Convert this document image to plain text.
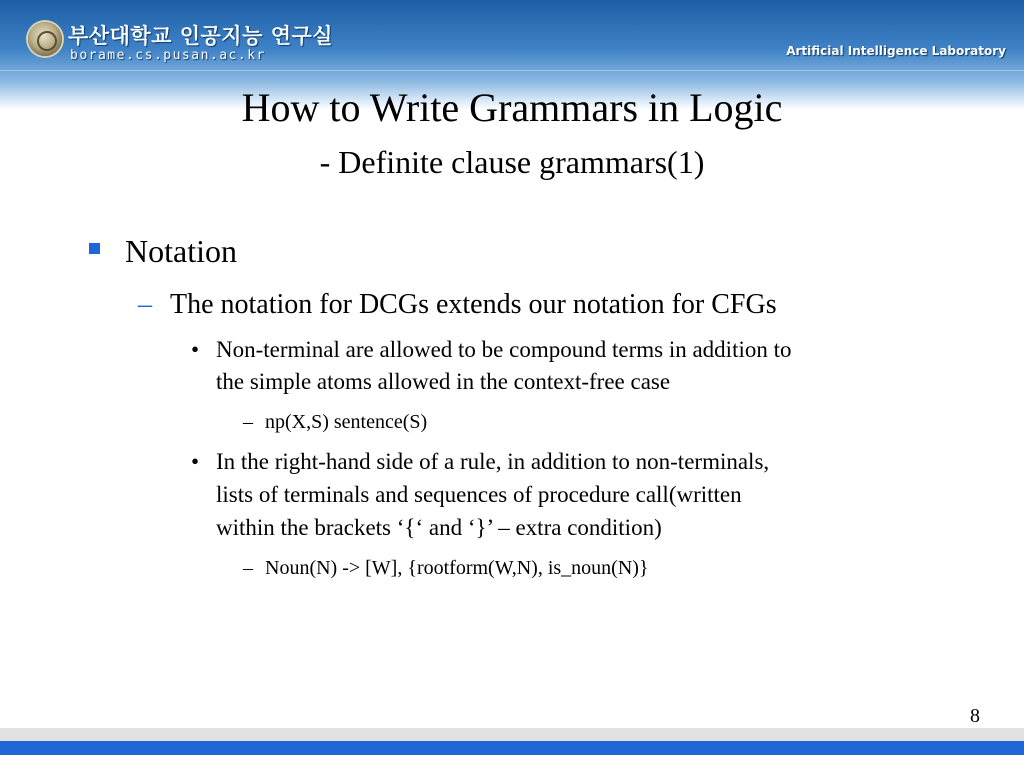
부산대학교 인공지능 연구실
borame.cs.pusan.ac.kr	Artificial Intelligence Laboratory
How to Write Grammars in Logic
- Definite clause grammars(1)
Notation
– The notation for DCGs extends our notation for CFGs
• Non-terminal are allowed to be compound terms in addition to
the simple atoms allowed in the context-free case
– np(X,S) sentence(S)
• In the right-hand side of a rule, in addition to non-terminals,
lists of terminals and sequences of procedure call(written
within the brackets ‘{‘ and ‘}’ – extra condition)
– Noun(N) -> [W], {rootform(W,N), is_noun(N)}
8
